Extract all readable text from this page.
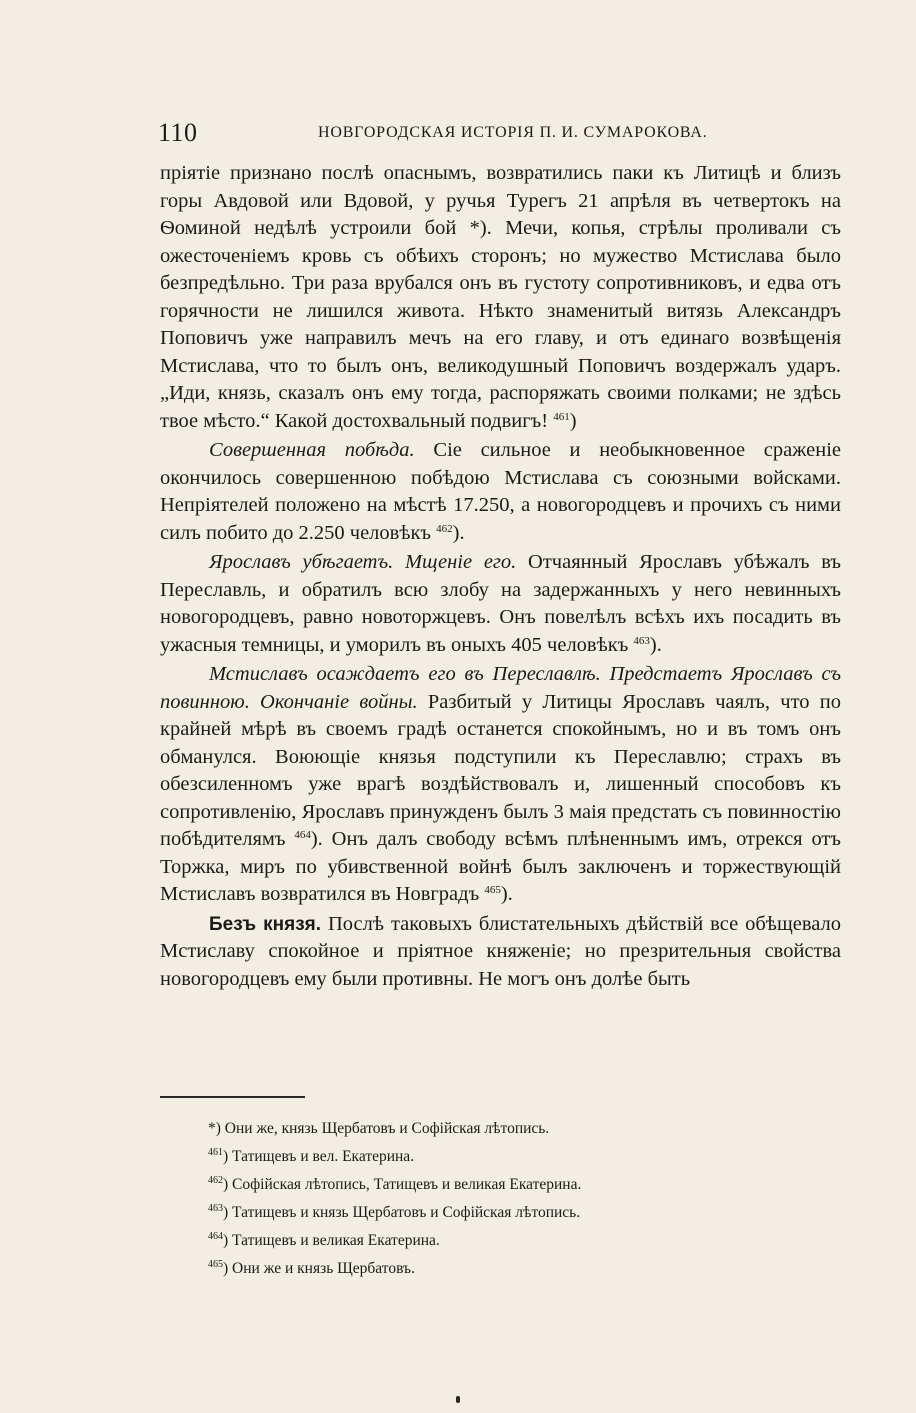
110	НОВГОРОДСКАЯ ИСТОРІЯ П. И. СУМАРОКОВА.

пріятіе признано послѣ опаснымъ, возвратились паки къ Литицѣ и близъ горы Авдовой или Вдовой, у ручья Турегъ 21 апрѣля въ четвертокъ на Ѳоминой недѣлѣ устроили бой *). Мечи, копья, стрѣлы проливали съ ожесточеніемъ кровь съ обѣихъ сторонъ; но мужество Мстислава было безпредѣльно. Три раза врубался онъ въ густоту сопротивниковъ, и едва отъ горячности не лишился живота. Нѣкто знаменитый витязь Александръ Поповичъ уже направилъ мечъ на его главу, и отъ единаго возвѣщенія Мстислава, что то былъ онъ, великодушный Поповичъ воздержалъ ударъ. „Иди, князь, сказалъ онъ ему тогда, распоряжать своими полками; не здѣсь твое мѣсто.“ Какой достохвальный подвигъ! $^{461}$)

Совершенная побѣда. Сіе сильное и необыкновенное сраженіе окончилось совершенною побѣдою Мстислава съ союзными войсками. Непріятелей положено на мѣстѣ 17.250, а новогородцевъ и прочихъ съ ними силъ побито до 2.250 человѣкъ $^{462}$).

Ярославъ убѣгаетъ. Мщеніе его. Отчаянный Ярославъ убѣжалъ въ Переславль, и обратилъ всю злобу на задержанныхъ у него невинныхъ новогородцевъ, равно новоторжцевъ. Онъ повелѣлъ всѣхъ ихъ посадить въ ужасныя темницы, и уморилъ въ оныхъ 405 человѣкъ $^{463}$).

Мстиславъ осаждаетъ его въ Переславлѣ. Предстаетъ Ярославъ съ повинною. Окончаніе войны. Разбитый у Литицы Ярославъ чаялъ, что по крайней мѣрѣ въ своемъ градѣ останется спокойнымъ, но и въ томъ онъ обманулся. Воюющіе князья подступили къ Переславлю; страхъ въ обезсиленномъ уже врагѣ воздѣйствовалъ и, лишенный способовъ къ сопротивленію, Ярославъ принужденъ былъ 3 маія предстать съ повинностію побѣдителямъ $^{464}$). Онъ далъ свободу всѣмъ плѣненнымъ имъ, отрекся отъ Торжка, миръ по убивственной войнѣ былъ заключенъ и торжествующій Мстиславъ возвратился въ Новградъ $^{465}$).

Безъ князя. Послѣ таковыхъ блистательныхъ дѣйствій все обѣщевало Мстиславу спокойное и пріятное княженіе; но презрительныя свойства новогородцевъ ему были противны. Не могъ онъ долѣе быть

*) Они же, князь Щербатовъ и Софійская лѣтопись.
$^{461}$) Татищевъ и вел. Екатерина.
$^{462}$) Софійская лѣтопись, Татищевъ и великая Екатерина.
$^{463}$) Татищевъ и князь Щербатовъ и Софійская лѣтопись.
$^{464}$) Татищевъ и великая Екатерина.
$^{465}$) Они же и князь Щербатовъ.
